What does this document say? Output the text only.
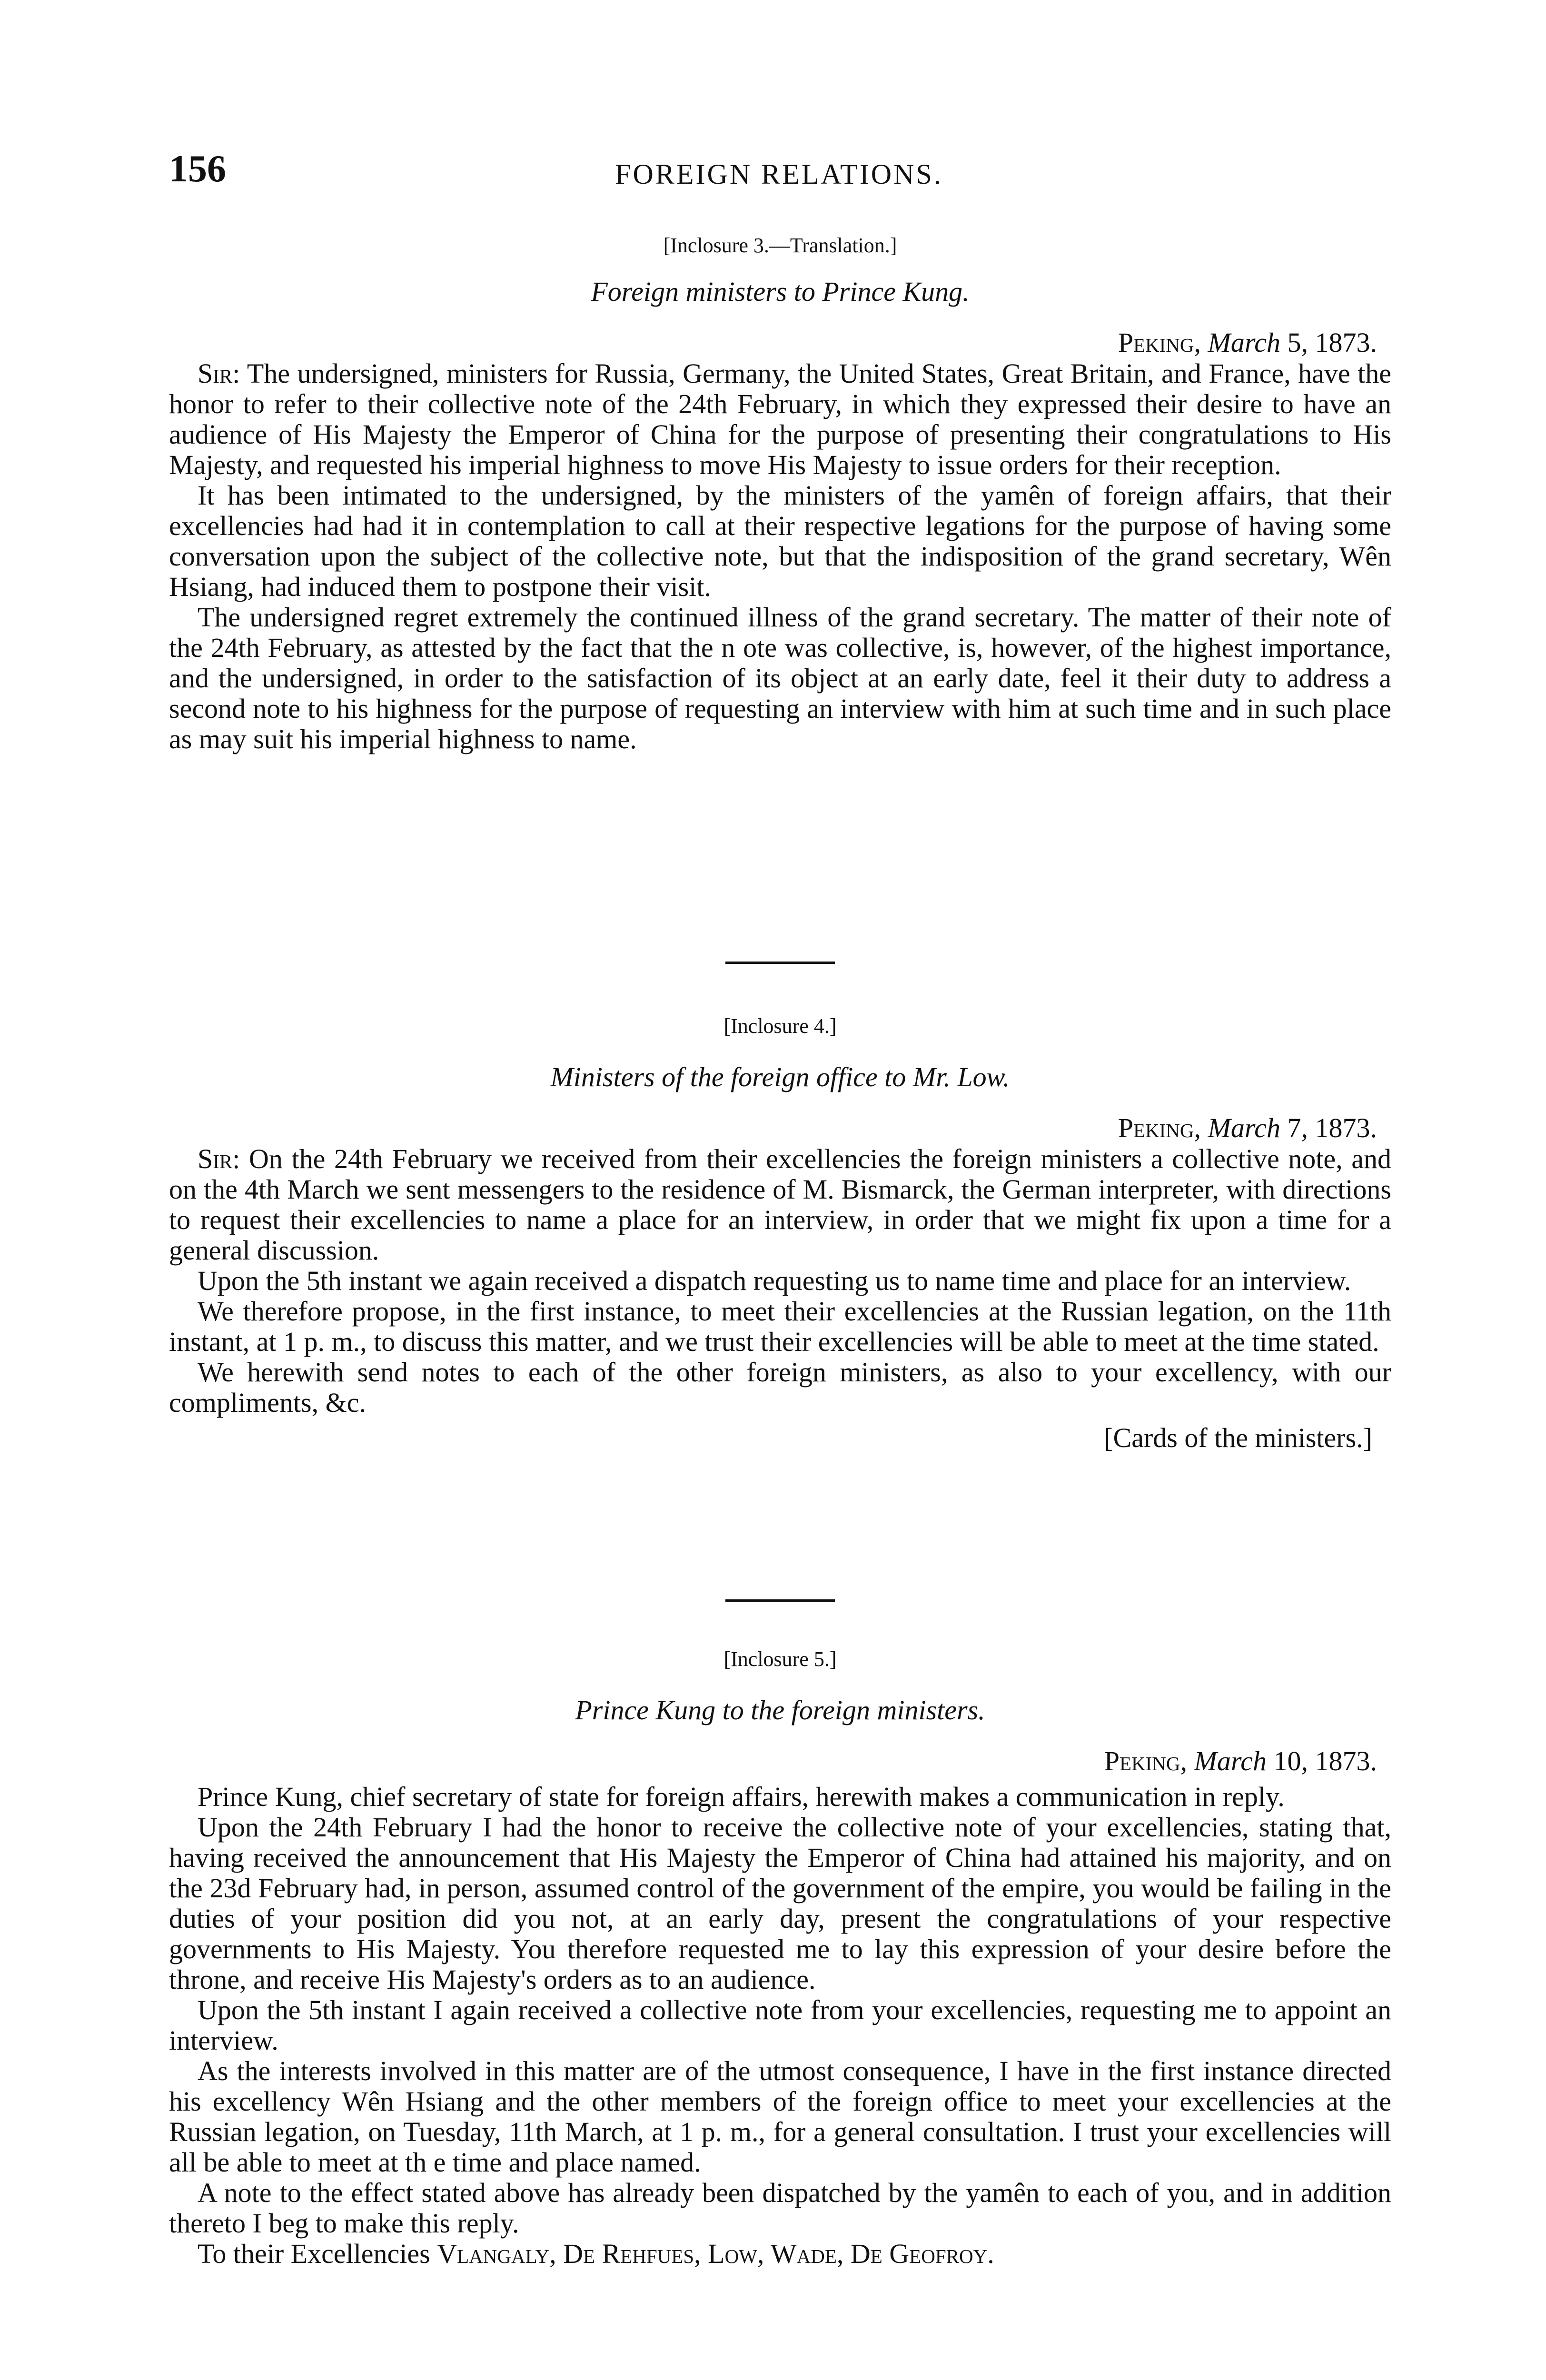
156	FOREIGN RELATIONS.

[Inclosure 3.—Translation.]

Foreign ministers to Prince Kung.

Peking, March 5, 1873.

Sir: The undersigned, ministers for Russia, Germany, the United States, Great Britain, and France, have the honor to refer to their collective note of the 24th February, in which they expressed their desire to have an audience of His Majesty the Emperor of China for the purpose of presenting their congratulations to His Majesty, and requested his imperial highness to move His Majesty to issue orders for their reception.

It has been intimated to the undersigned, by the ministers of the yamên of foreign affairs, that their excellencies had had it in contemplation to call at their respective legations for the purpose of having some conversation upon the subject of the collective note, but that the indisposition of the grand secretary, Wên Hsiang, had induced them to postpone their visit.

The undersigned regret extremely the continued illness of the grand secretary. The matter of their note of the 24th February, as attested by the fact that the n ote was collective, is, however, of the highest importance, and the undersigned, in order to the satisfaction of its object at an early date, feel it their duty to address a second note to his highness for the purpose of requesting an interview with him at such time and in such place as may suit his imperial highness to name.

[Inclosure 4.]

Ministers of the foreign office to Mr. Low.

Peking, March 7, 1873.

Sir: On the 24th February we received from their excellencies the foreign ministers a collective note, and on the 4th March we sent messengers to the residence of M. Bismarck, the German interpreter, with directions to request their excellencies to name a place for an interview, in order that we might fix upon a time for a general discussion.

Upon the 5th instant we again received a dispatch requesting us to name time and place for an interview.

We therefore propose, in the first instance, to meet their excellencies at the Russian legation, on the 11th instant, at 1 p. m., to discuss this matter, and we trust their excellencies will be able to meet at the time stated.

We herewith send notes to each of the other foreign ministers, as also to your excellency, with our compliments, &c.

[Cards of the ministers.]

[Inclosure 5.]

Prince Kung to the foreign ministers.

Peking, March 10, 1873.

Prince Kung, chief secretary of state for foreign affairs, herewith makes a communication in reply.

Upon the 24th February I had the honor to receive the collective note of your excellencies, stating that, having received the announcement that His Majesty the Emperor of China had attained his majority, and on the 23d February had, in person, assumed control of the government of the empire, you would be failing in the duties of your position did you not, at an early day, present the congratulations of your respective governments to His Majesty. You therefore requested me to lay this expression of your desire before the throne, and receive His Majesty's orders as to an audience.

Upon the 5th instant I again received a collective note from your excellencies, requesting me to appoint an interview.

As the interests involved in this matter are of the utmost consequence, I have in the first instance directed his excellency Wên Hsiang and the other members of the foreign office to meet your excellencies at the Russian legation, on Tuesday, 11th March, at 1 p. m., for a general consultation. I trust your excellencies will all be able to meet at th e time and place named.

A note to the effect stated above has already been dispatched by the yamên to each of you, and in addition thereto I beg to make this reply.

To their Excellencies Vlangaly, De Rehfues, Low, Wade, De Geofroy.
